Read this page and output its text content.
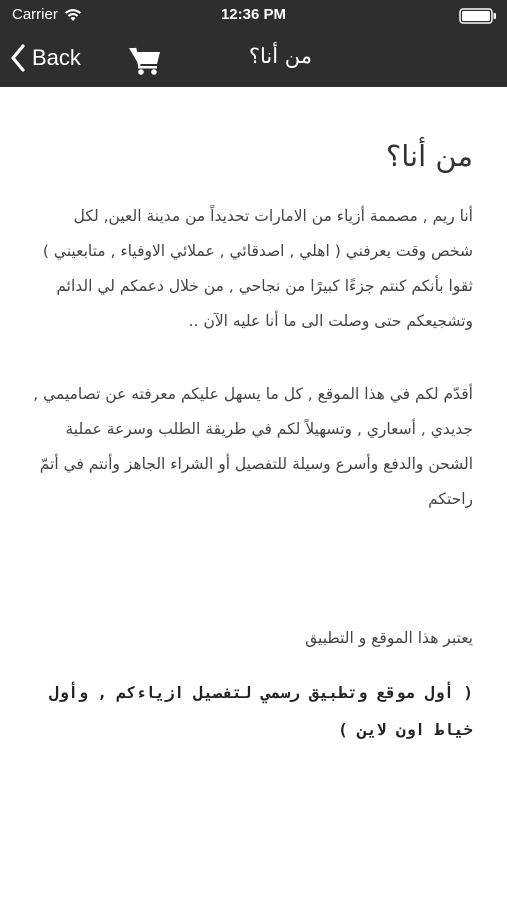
Carrier	12:36 PM
Back	من أنا؟
من أنا؟

أنا ريم , مصممة أزياء من الامارات تحديداً من مدينة العين, لكل شخص وقت يعرفني ( اهلي , اصدقائي , عملائي الاوفياء , متابعيني ) ثقوا بأنكم كنتم جزءًا كبيرًا من نجاحي , من خلال دعمكم لي الدائم وتشجيعكم حتى وصلت الى ما أنا عليه الآن ..

أقدّم لكم في هذا الموقع , كل ما يسهل عليكم معرفته عن تصاميمي , جديدي , أسعاري , وتسهيلاً لكم في طريقة الطلب وسرعة عملية الشحن والدفع وأسرع وسيلة للتفصيل أو الشراء الجاهز وأنتم في أتمّ راحتكم

يعتبر هذا الموقع و التطبيق

( أول موقع وتطبيق رسمي لتفصيل ازياءكم , وأول خياط اون لاين )
